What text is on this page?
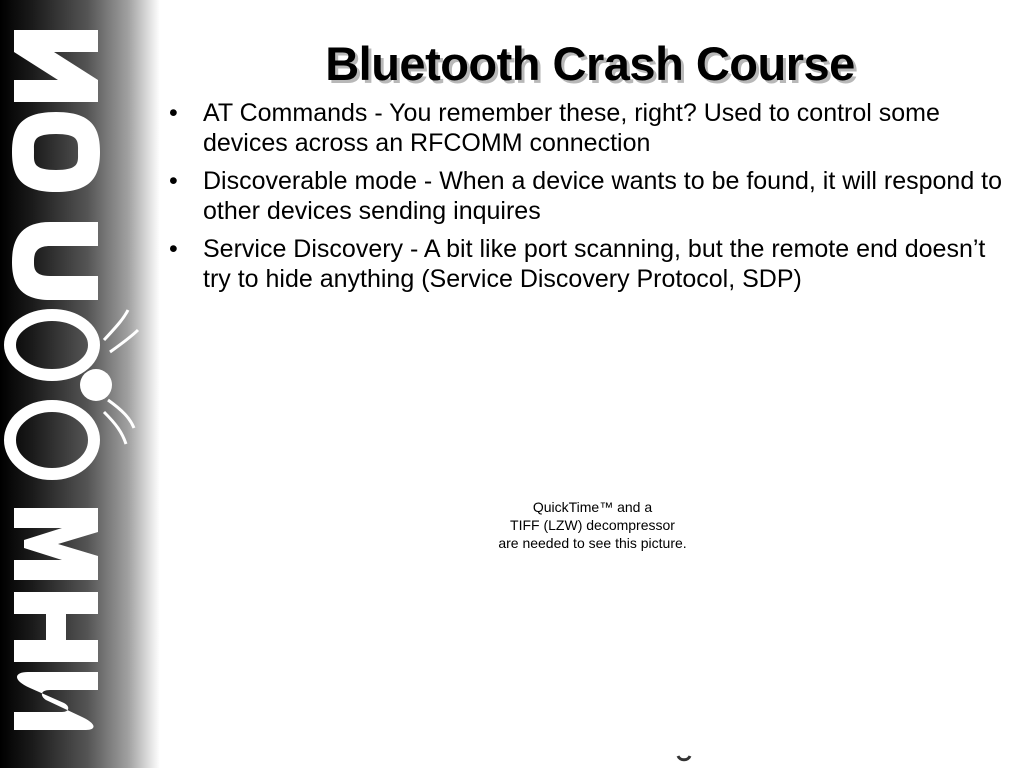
Bluetooth Crash Course
• AT Commands - You remember these, right? Used to control some devices across an RFCOMM connection
• Discoverable mode - When a device wants to be found, it will respond to other devices sending inquires
• Service Discovery - A bit like port scanning, but the remote end doesn’t try to hide anything (Service Discovery Protocol, SDP)
QuickTime™ and a
TIFF (LZW) decompressor
are needed to see this picture.
